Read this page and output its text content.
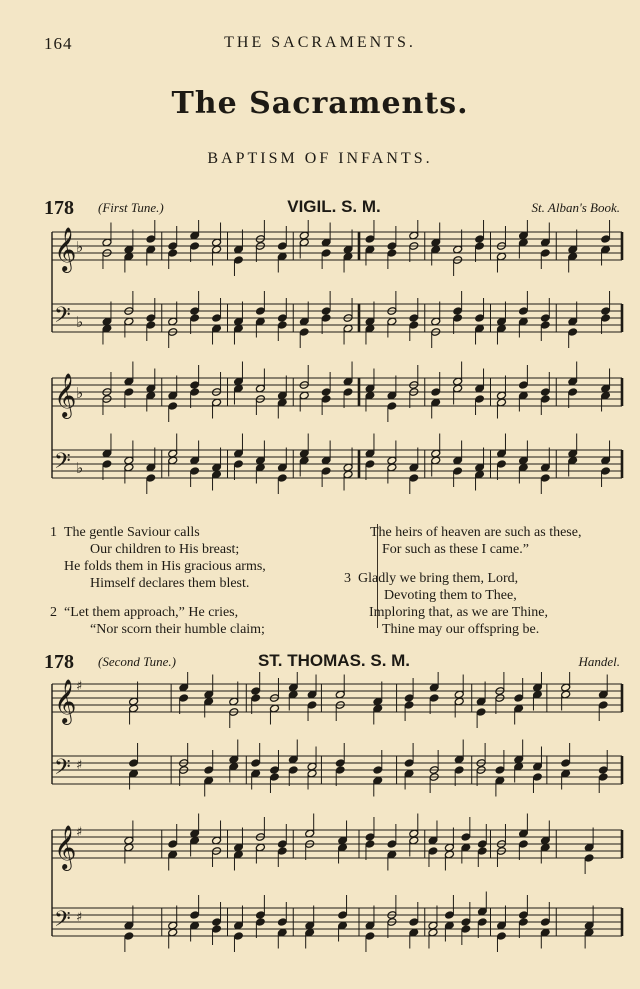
164	THE SACRAMENTS.
The Sacraments.
BAPTISM OF INFANTS.
178 (First Tune.)	VIGIL. S. M.	St. Alban's Book.
𝄞 ♭
𝄢 ♭
𝄞 ♭
𝄢 ♭
1 The gentle Saviour calls
Our children to His breast;
He folds them in His gracious arms,
Himself declares them blest.
2 “Let them approach,” He cries,
“Nor scorn their humble claim;
The heirs of heaven are such as these,
For such as these I came.”
3 Gladly we bring them, Lord,
Devoting them to Thee,
Imploring that, as we are Thine,
Thine may our offspring be.
178 (Second Tune.)	ST. THOMAS. S. M.	Handel.
𝄞 ♯
𝄢 ♯
𝄞 ♯
𝄢 ♯
